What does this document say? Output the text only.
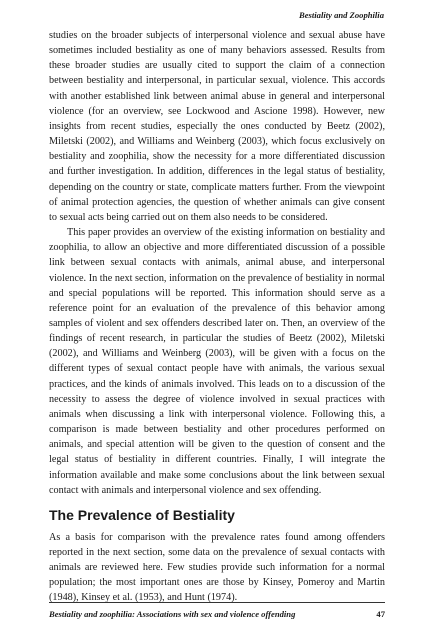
Bestiality and Zoophilia

studies on the broader subjects of interpersonal violence and sexual abuse have sometimes included bestiality as one of many behaviors assessed. Results from these broader studies are usually cited to support the claim of a connection between bestiality and interpersonal, in particular sexual, violence. This accords with another established link between animal abuse in general and interpersonal violence (for an overview, see Lockwood and Ascione 1998). However, new insights from recent studies, especially the ones conducted by Beetz (2002), Miletski (2002), and Williams and Weinberg (2003), which focus exclusively on bestiality and zoophilia, show the necessity for a more differentiated discussion and further investigation. In addition, differences in the legal status of bestiality, depending on the country or state, complicate matters further. From the viewpoint of animal protection agencies, the question of whether animals can give consent to sexual acts being carried out on them also needs to be considered.

This paper provides an overview of the existing information on bestiality and zoophilia, to allow an objective and more differentiated discussion of a possible link between sexual contacts with animals, animal abuse, and interpersonal violence. In the next section, information on the prevalence of bestiality in normal and special populations will be reported. This information should serve as a reference point for an evaluation of the prevalence of this behavior among samples of violent and sex offenders described later on. Then, an overview of the findings of recent research, in particular the studies of Beetz (2002), Miletski (2002), and Williams and Weinberg (2003), will be given with a focus on the different types of sexual contact people have with animals, the various sexual practices, and the kinds of animals involved. This leads on to a discussion of the necessity to assess the degree of violence involved in sexual practices with animals when discussing a link with interpersonal violence. Following this, a comparison is made between bestiality and other procedures performed on animals, and special attention will be given to the question of consent and the legal status of bestiality in different countries. Finally, I will integrate the information available and make some conclusions about the link between sexual contact with animals and interpersonal violence and sex offending.

The Prevalence of Bestiality

As a basis for comparison with the prevalence rates found among offenders reported in the next section, some data on the prevalence of sexual contacts with animals are reviewed here. Few studies provide such information for a normal population; the most important ones are those by Kinsey, Pomeroy and Martin (1948), Kinsey et al. (1953), and Hunt (1974).

Bestiality and zoophilia: Associations with sex and violence offending	47
